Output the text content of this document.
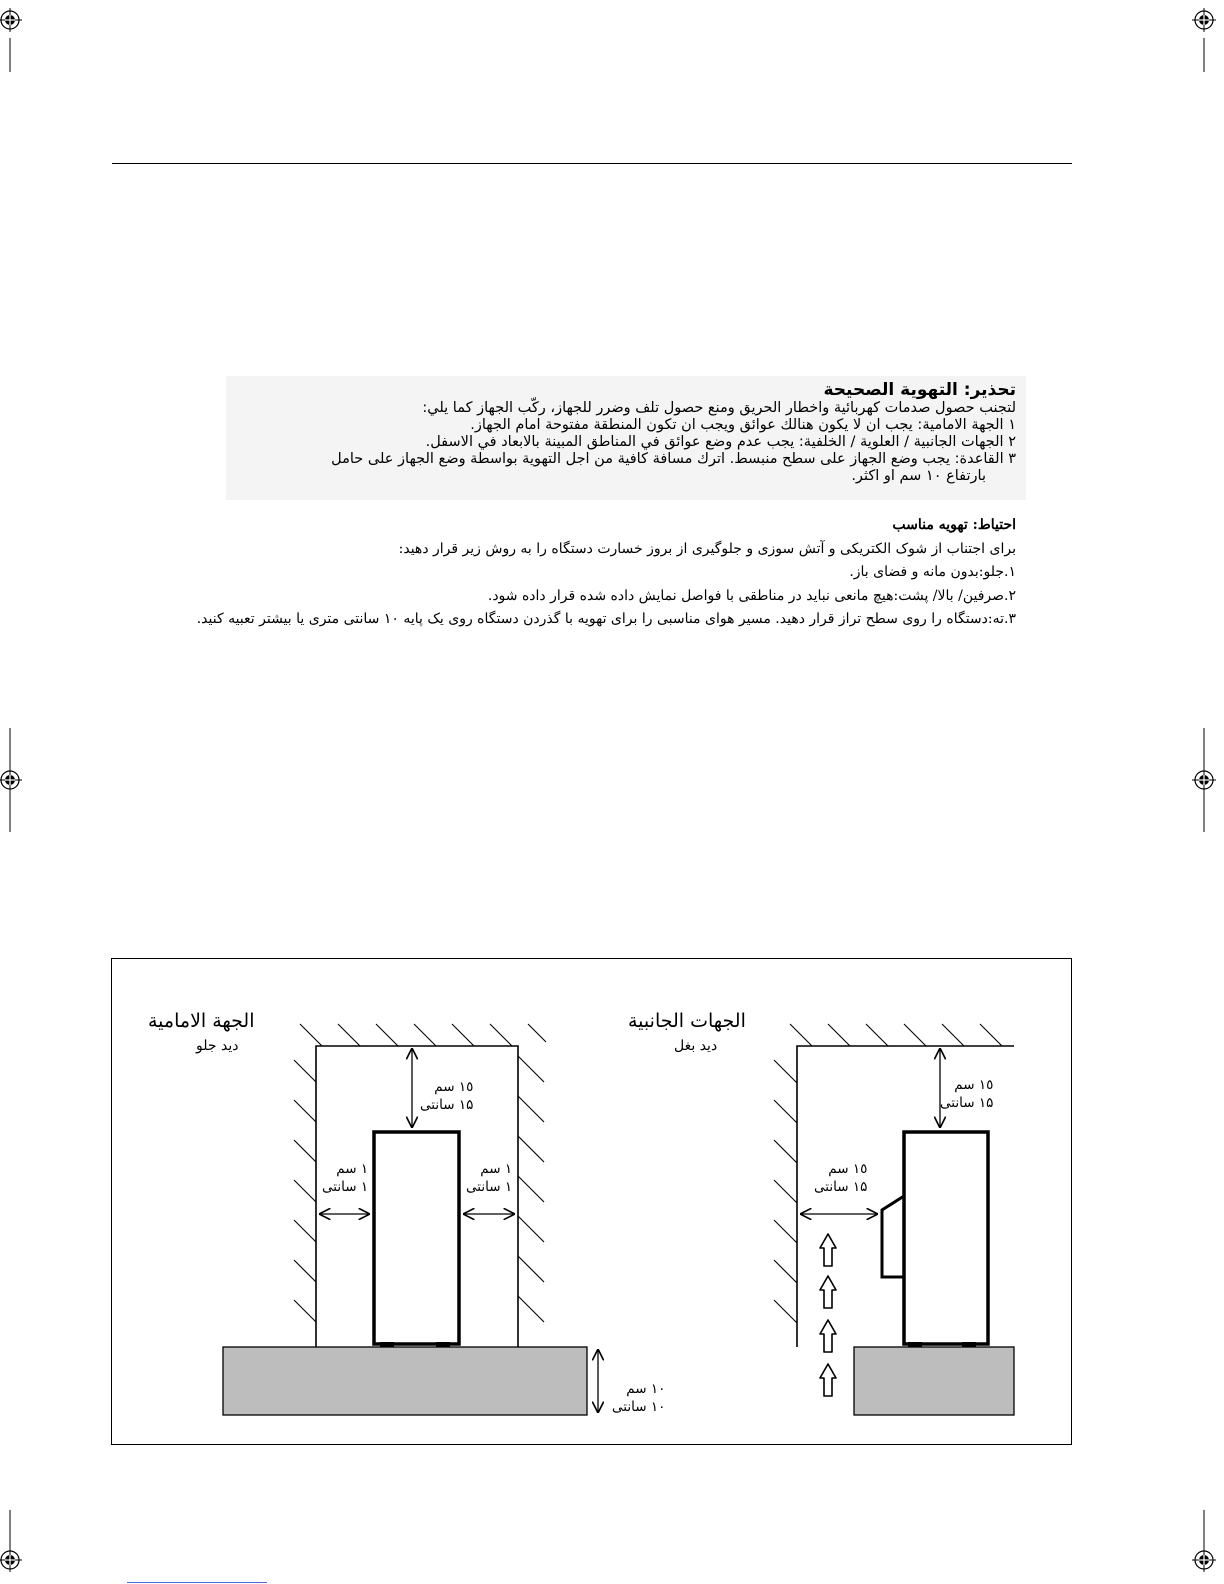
تحذير: التهوية الصحيحة
لتجنب حصول صدمات كهربائية واخطار الحريق ومنع حصول تلف وضرر للجهاز، ركّب الجهاز كما يلي:
١ الجهة الامامية: يجب ان لا يكون هنالك عوائق ويجب ان تكون المنطقة مفتوحة امام الجهاز.
٢ الجهات الجانبية / العلوية / الخلفية: يجب عدم وضع عوائق في المناطق المبينة بالابعاد في الاسفل.
٣ القاعدة: يجب وضع الجهاز على سطح منبسط. اترك مسافة كافية من اجل التهوية بواسطة وضع الجهاز على حامل
بارتفاع ١٠ سم او اكثر.
احتياط: تهويه مناسب
برای اجتناب از شوک الکتریکی و آتش سوزی و جلوگیری از بروز خسارت دستگاه را به روش زیر قرار دهید:
۱.جلو:بدون مانه و فضای باز.
۲.صرفین/ بالا/ پشت:هیچ مانعی نباید در مناطقی با فواصل نمایش داده شده قرار داده شود.
۳.ته:دستگاه را روی سطح تراز قرار دهید. مسیر هوای مناسبی را برای تهویه با گذردن دستگاه روی یک پایه ۱۰ سانتی متری یا بیشتر تعبیه کنید.
الجهة الامامية
دید جلو
١٥ سم
۱۵ سانتی
١ سم
۱ سانتی
١ سم
۱ سانتی
١٠ سم
۱۰ سانتی
الجهات الجانبية
دید بغل
١٥ سم
۱۵ سانتی
١٥ سم
۱۵ سانتی
